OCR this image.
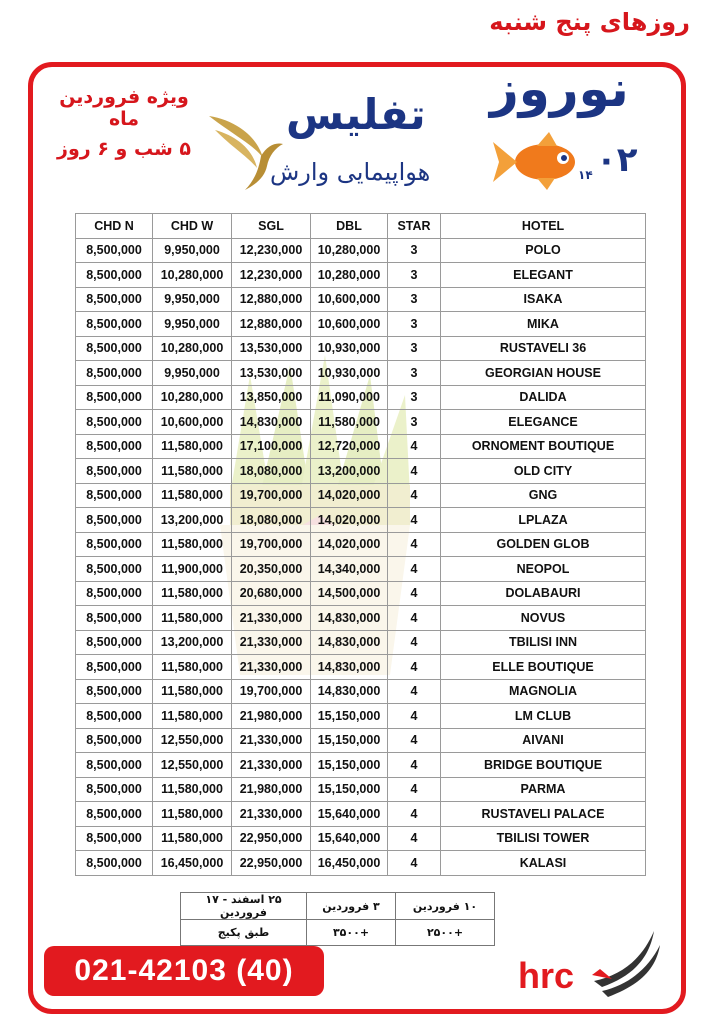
روزهای پنج شنبه
ویژه فروردین ماه
۵ شب و ۶ روز
تفلیس
هواپیمایی وارش
نوروز
۰۲
۱۴
CHD N	CHD W	SGL	DBL	STAR	HOTEL
8,500,000	9,950,000	12,230,000	10,280,000	3	POLO
8,500,000	10,280,000	12,230,000	10,280,000	3	ELEGANT
8,500,000	9,950,000	12,880,000	10,600,000	3	ISAKA
8,500,000	9,950,000	12,880,000	10,600,000	3	MIKA
8,500,000	10,280,000	13,530,000	10,930,000	3	RUSTAVELI 36
8,500,000	9,950,000	13,530,000	10,930,000	3	GEORGIAN HOUSE
8,500,000	10,280,000	13,850,000	11,090,000	3	DALIDA
8,500,000	10,600,000	14,830,000	11,580,000	3	ELEGANCE
8,500,000	11,580,000	17,100,000	12,720,000	4	ORNOMENT BOUTIQUE
8,500,000	11,580,000	18,080,000	13,200,000	4	OLD CITY
8,500,000	11,580,000	19,700,000	14,020,000	4	GNG
8,500,000	13,200,000	18,080,000	14,020,000	4	LPLAZA
8,500,000	11,580,000	19,700,000	14,020,000	4	GOLDEN GLOB
8,500,000	11,900,000	20,350,000	14,340,000	4	NEOPOL
8,500,000	11,580,000	20,680,000	14,500,000	4	DOLABAURI
8,500,000	11,580,000	21,330,000	14,830,000	4	NOVUS
8,500,000	13,200,000	21,330,000	14,830,000	4	TBILISI INN
8,500,000	11,580,000	21,330,000	14,830,000	4	ELLE BOUTIQUE
8,500,000	11,580,000	19,700,000	14,830,000	4	MAGNOLIA
8,500,000	11,580,000	21,980,000	15,150,000	4	LM CLUB
8,500,000	12,550,000	21,330,000	15,150,000	4	AIVANI
8,500,000	12,550,000	21,330,000	15,150,000	4	BRIDGE BOUTIQUE
8,500,000	11,580,000	21,980,000	15,150,000	4	PARMA
8,500,000	11,580,000	21,330,000	15,640,000	4	RUSTAVELI PALACE
8,500,000	11,580,000	22,950,000	15,640,000	4	TBILISI TOWER
8,500,000	16,450,000	22,950,000	16,450,000	4	KALASI
۱۰ فروردین	۳ فروردین	۲۵ اسفند - ۱۷ فروردین
+۲۵۰۰	+۳۵۰۰	طبق پکیج
021-42103 (40)	hrc
